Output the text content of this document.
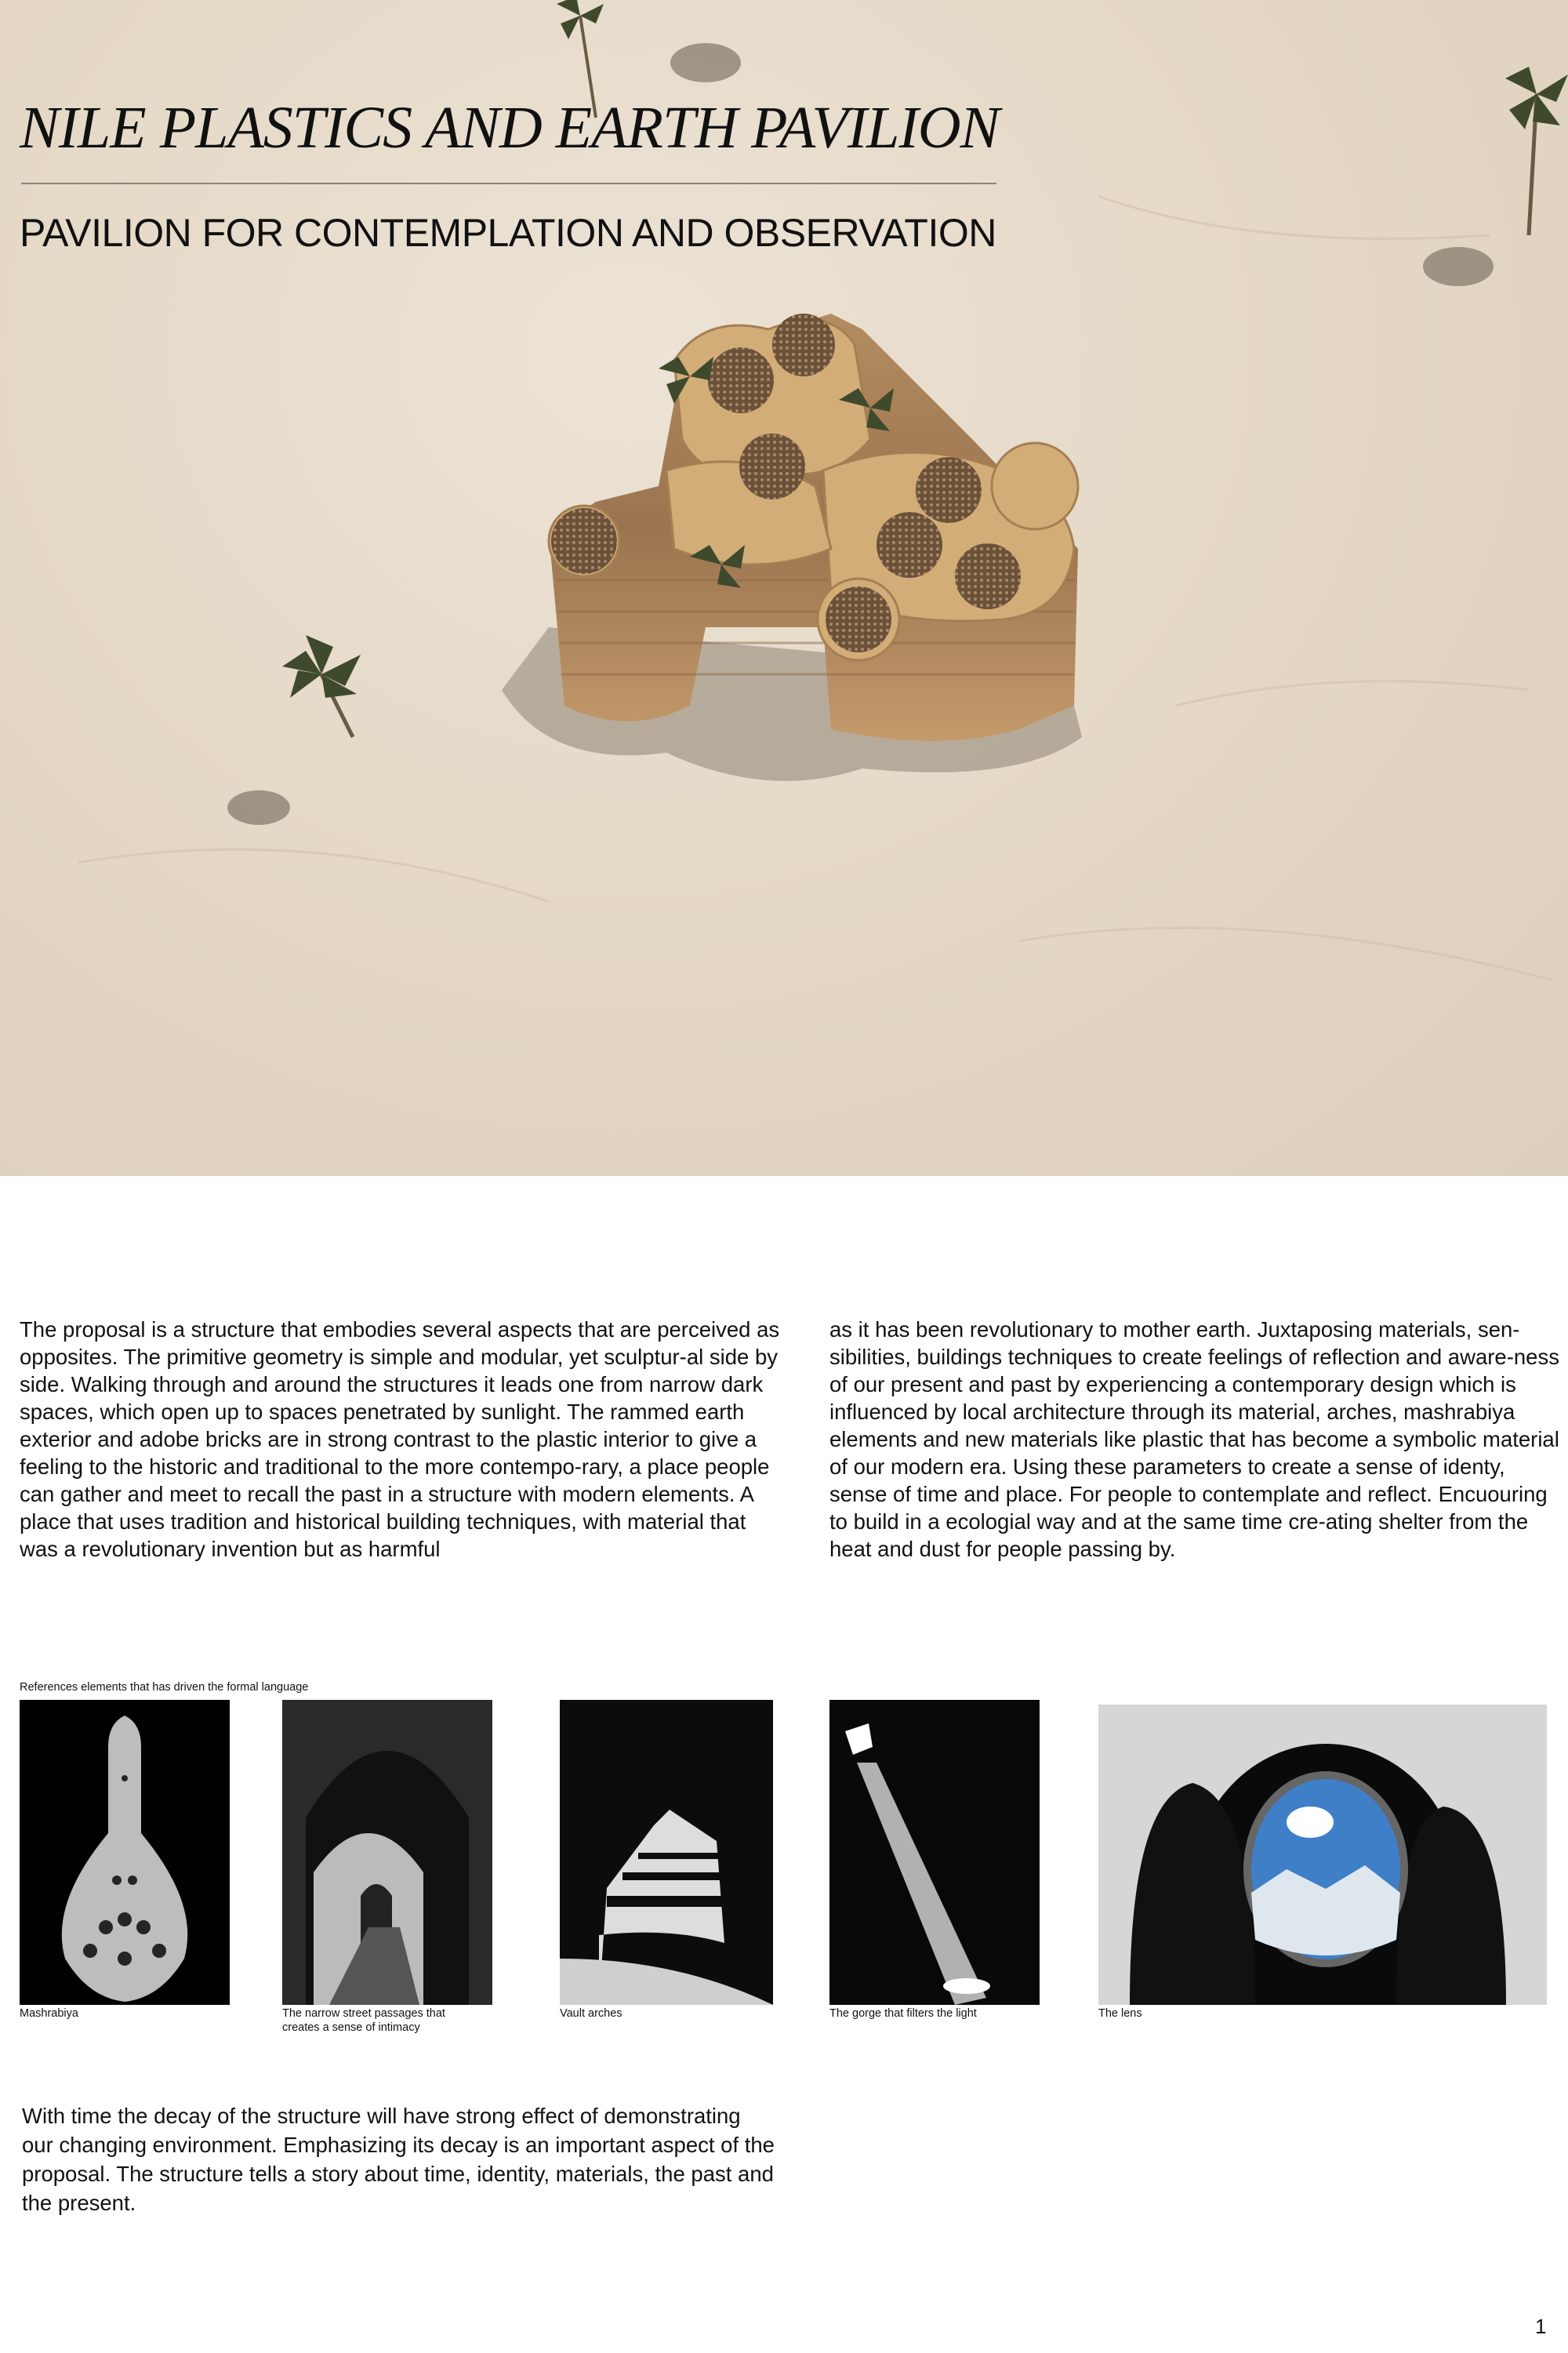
NILE PLASTICS AND EARTH PAVILION
PAVILION FOR CONTEMPLATION AND OBSERVATION

The proposal is a structure that embodies several aspects that are perceived as opposites. The primitive geometry is simple and modular, yet sculptur-al side by side. Walking through and around the structures it leads one from narrow dark spaces, which open up to spaces penetrated by sunlight. The rammed earth exterior and adobe bricks are in strong contrast to the plastic interior to give a feeling to the historic and traditional to the more contempo-rary, a place people can gather and meet to recall the past in a structure with modern elements. A place that uses tradition and historical building techniques, with material that was a revolutionary invention but as harmful

as it has been revolutionary to mother earth. Juxtaposing materials, sen-sibilities, buildings techniques to create feelings of reflection and aware-ness of our present and past by experiencing a contemporary design which is influenced by local architecture through its material, arches, mashrabiya elements and new materials like plastic that has become a symbolic material of our modern era. Using these parameters to create a sense of identy, sense of time and place. For people to contemplate and reflect. Encuouring to build in a ecologial way and at the same time cre-ating shelter from the heat and dust for people passing by.

References elements that has driven the formal language
Mashrabiya	The narrow street passages that creates a sense of intimacy
Vault arches	The gorge that filters the light	The lens

With time the decay of the structure will have strong effect of demonstrating our changing environment. Emphasizing its decay is an important aspect of the proposal. The structure tells a story about time, identity, materials, the past and the present.

1
